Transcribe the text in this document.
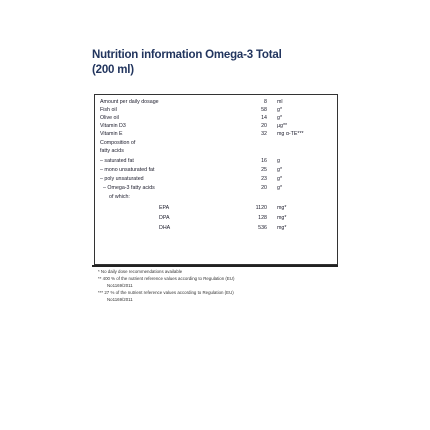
Nutrition information Omega-3 Total
(200 ml)
Amount per daily dosage	8 ml
Fish oil	58 g*
Olive oil	14 g*
Vitamin D3	20 µg**
Vitamin E	32 mg α-TE***
Composition of
fatty acids
– saturated fat	16 g
– mono unsaturated fat	25 g*
– poly unsaturated	23 g*
– Omega-3 fatty acids	20 g*
of which:
EPA	1120 mg*
DPA	128 mg*
DHA	536 mg*
* No daily dose recommendations available
** 400 % of the nutrient reference values according to Regulation (EU)
No1169/2011
*** 27 % of the nutrient reference values according to Regulation (EU)
No1169/2011
